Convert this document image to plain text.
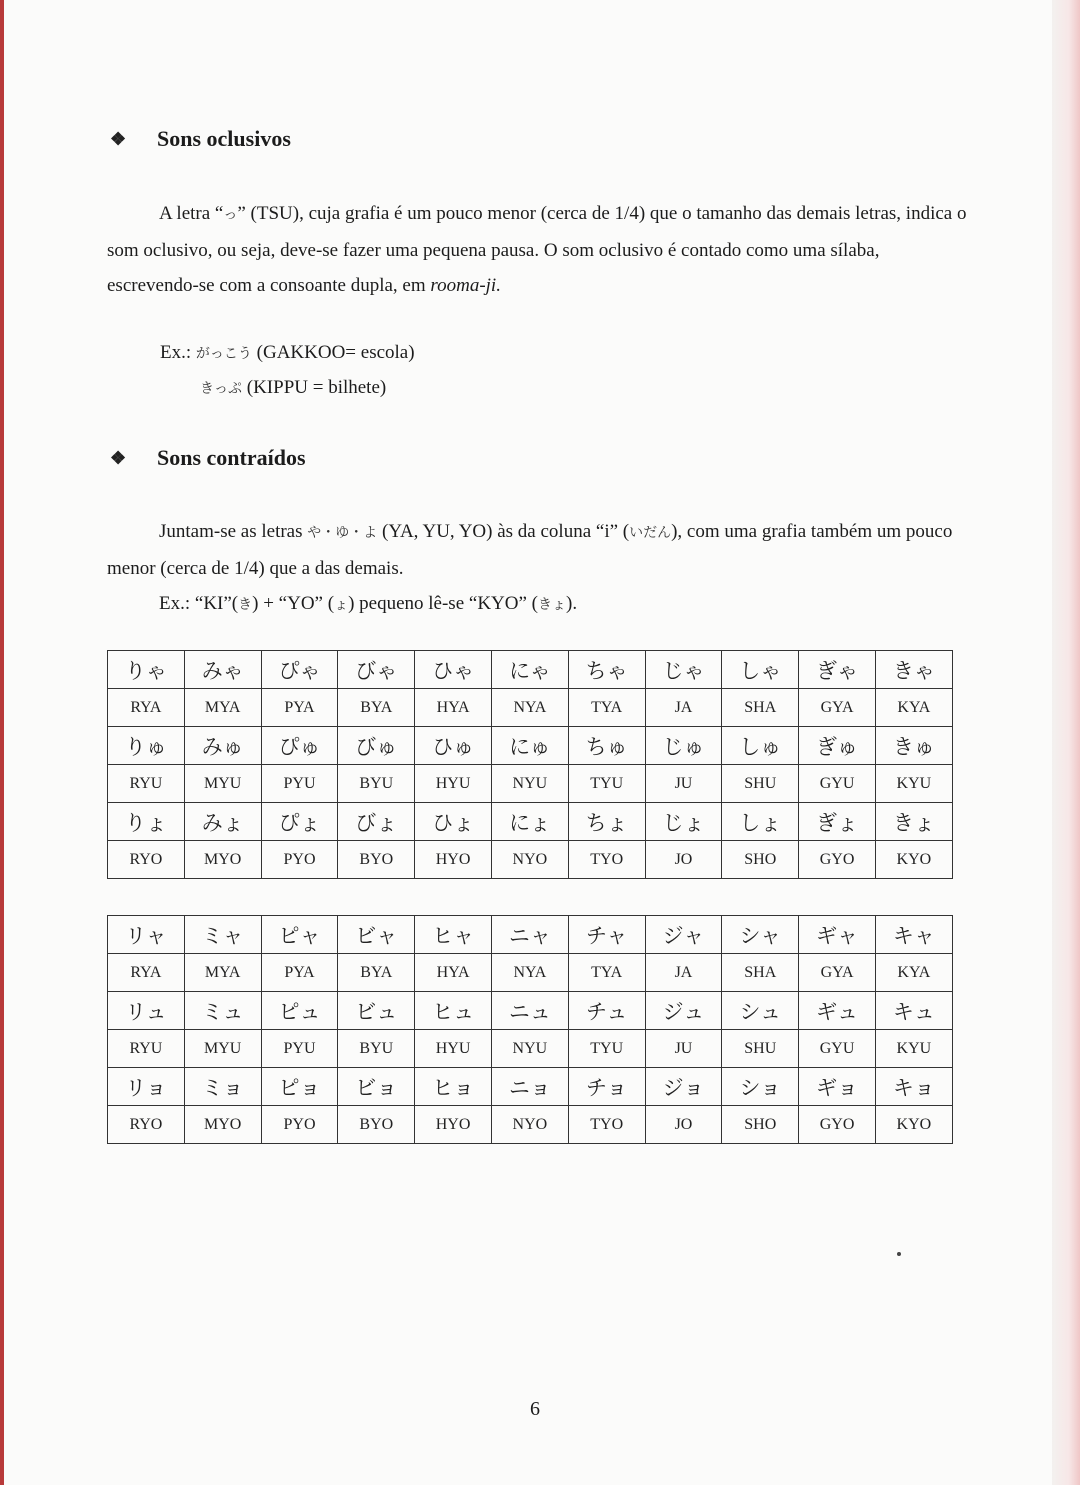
❖	Sons oclusivos

A letra “っ” (TSU), cuja grafia é um pouco menor (cerca de 1/4) que o tamanho das demais letras, indica o som oclusivo, ou seja, deve-se fazer uma pequena pausa. O som oclusivo é contado como uma sílaba, escrevendo-se com a consoante dupla, em rooma-ji.

Ex.: がっこう (GAKKOO= escola)
きっぷ (KIPPU = bilhete)
❖	Sons contraídos

Juntam-se as letras や・ゆ・よ (YA, YU, YO) às da coluna “i” (いだん), com uma grafia também um pouco menor (cerca de 1/4) que a das demais.

Ex.: “KI”(き) + “YO” (ょ) pequeno lê-se “KYO” (きょ).

りゃ	みゃ	ぴゃ	びゃ	ひゃ	にゃ	ちゃ	じゃ	しゃ	ぎゃ	きゃ
RYA	MYA	PYA	BYA	HYA	NYA	TYA	JA	SHA	GYA	KYA
りゅ	みゅ	ぴゅ	びゅ	ひゅ	にゅ	ちゅ	じゅ	しゅ	ぎゅ	きゅ
RYU	MYU	PYU	BYU	HYU	NYU	TYU	JU	SHU	GYU	KYU
りょ	みょ	ぴょ	びょ	ひょ	にょ	ちょ	じょ	しょ	ぎょ	きょ
RYO	MYO	PYO	BYO	HYO	NYO	TYO	JO	SHO	GYO	KYO
リャ	ミャ	ピャ	ビャ	ヒャ	ニャ	チャ	ジャ	シャ	ギャ	キャ
RYA	MYA	PYA	BYA	HYA	NYA	TYA	JA	SHA	GYA	KYA
リュ	ミュ	ピュ	ビュ	ヒュ	ニュ	チュ	ジュ	シュ	ギュ	キュ
RYU	MYU	PYU	BYU	HYU	NYU	TYU	JU	SHU	GYU	KYU
リョ	ミョ	ピョ	ビョ	ヒョ	ニョ	チョ	ジョ	ショ	ギョ	キョ
RYO	MYO	PYO	BYO	HYO	NYO	TYO	JO	SHO	GYO	KYO
6
